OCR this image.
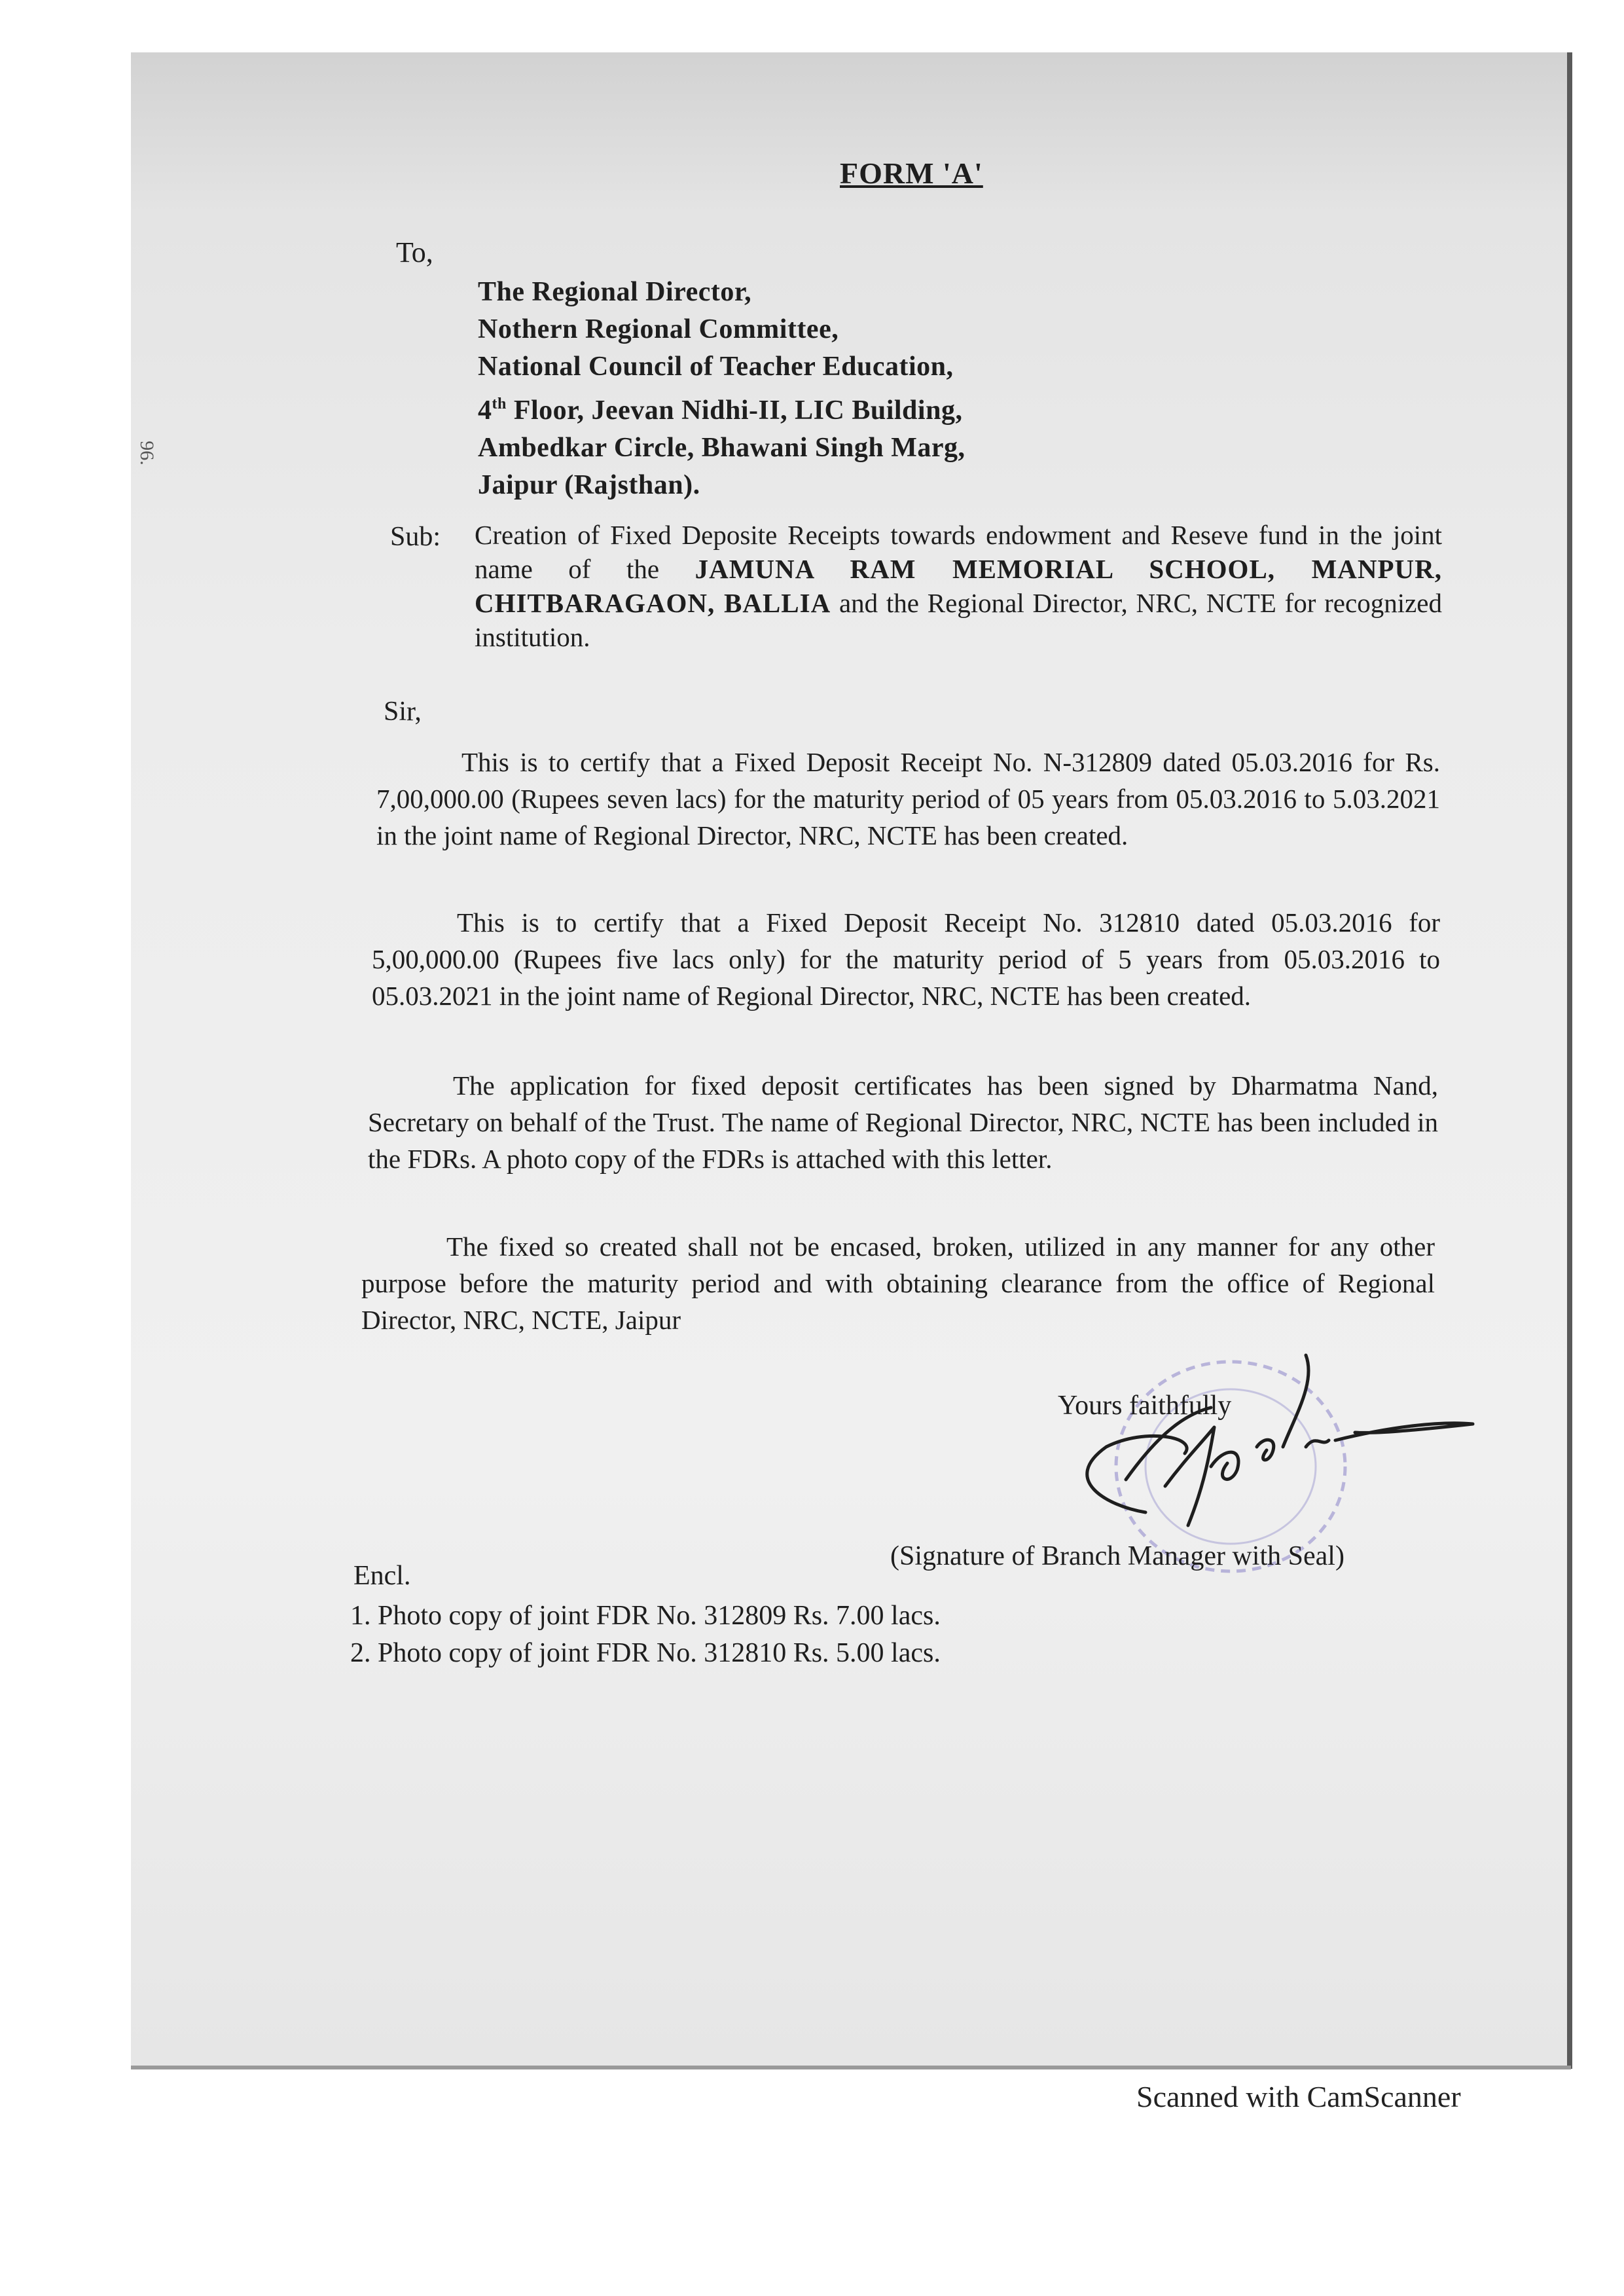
96.
FORM 'A'
To,
The Regional Director,
Nothern Regional Committee,
National Council of Teacher Education,
4th Floor, Jeevan Nidhi-II, LIC Building,
Ambedkar Circle, Bhawani Singh Marg,
Jaipur (Rajsthan).
Sub: Creation of Fixed Deposite Receipts towards endowment and Reseve fund in the joint name of the JAMUNA RAM MEMORIAL SCHOOL, MANPUR, CHITBARAGAON, BALLIA and the Regional Director, NRC, NCTE for recognized institution.
Sir,

This is to certify that a Fixed Deposit Receipt No. N-312809 dated 05.03.2016 for Rs. 7,00,000.00 (Rupees seven lacs) for the maturity period of 05 years from 05.03.2016 to 5.03.2021 in the joint name of Regional Director, NRC, NCTE has been created.

This is to certify that a Fixed Deposit Receipt No. 312810 dated 05.03.2016 for 5,00,000.00 (Rupees five lacs only) for the maturity period of 5 years from 05.03.2016 to 05.03.2021 in the joint name of Regional Director, NRC, NCTE has been created.

The application for fixed deposit certificates has been signed by Dharmatma Nand, Secretary on behalf of the Trust. The name of Regional Director, NRC, NCTE has been included in the FDRs. A photo copy of the FDRs is attached with this letter.

The fixed so created shall not be encased, broken, utilized in any manner for any other purpose before the maturity period and with obtaining clearance from the office of Regional Director, NRC, NCTE, Jaipur

Yours faithfully
(Signature of Branch Manager with Seal)
Encl.
1. Photo copy of joint FDR No. 312809 Rs. 7.00 lacs.
2. Photo copy of joint FDR No. 312810 Rs. 5.00 lacs.
Scanned with CamScanner
